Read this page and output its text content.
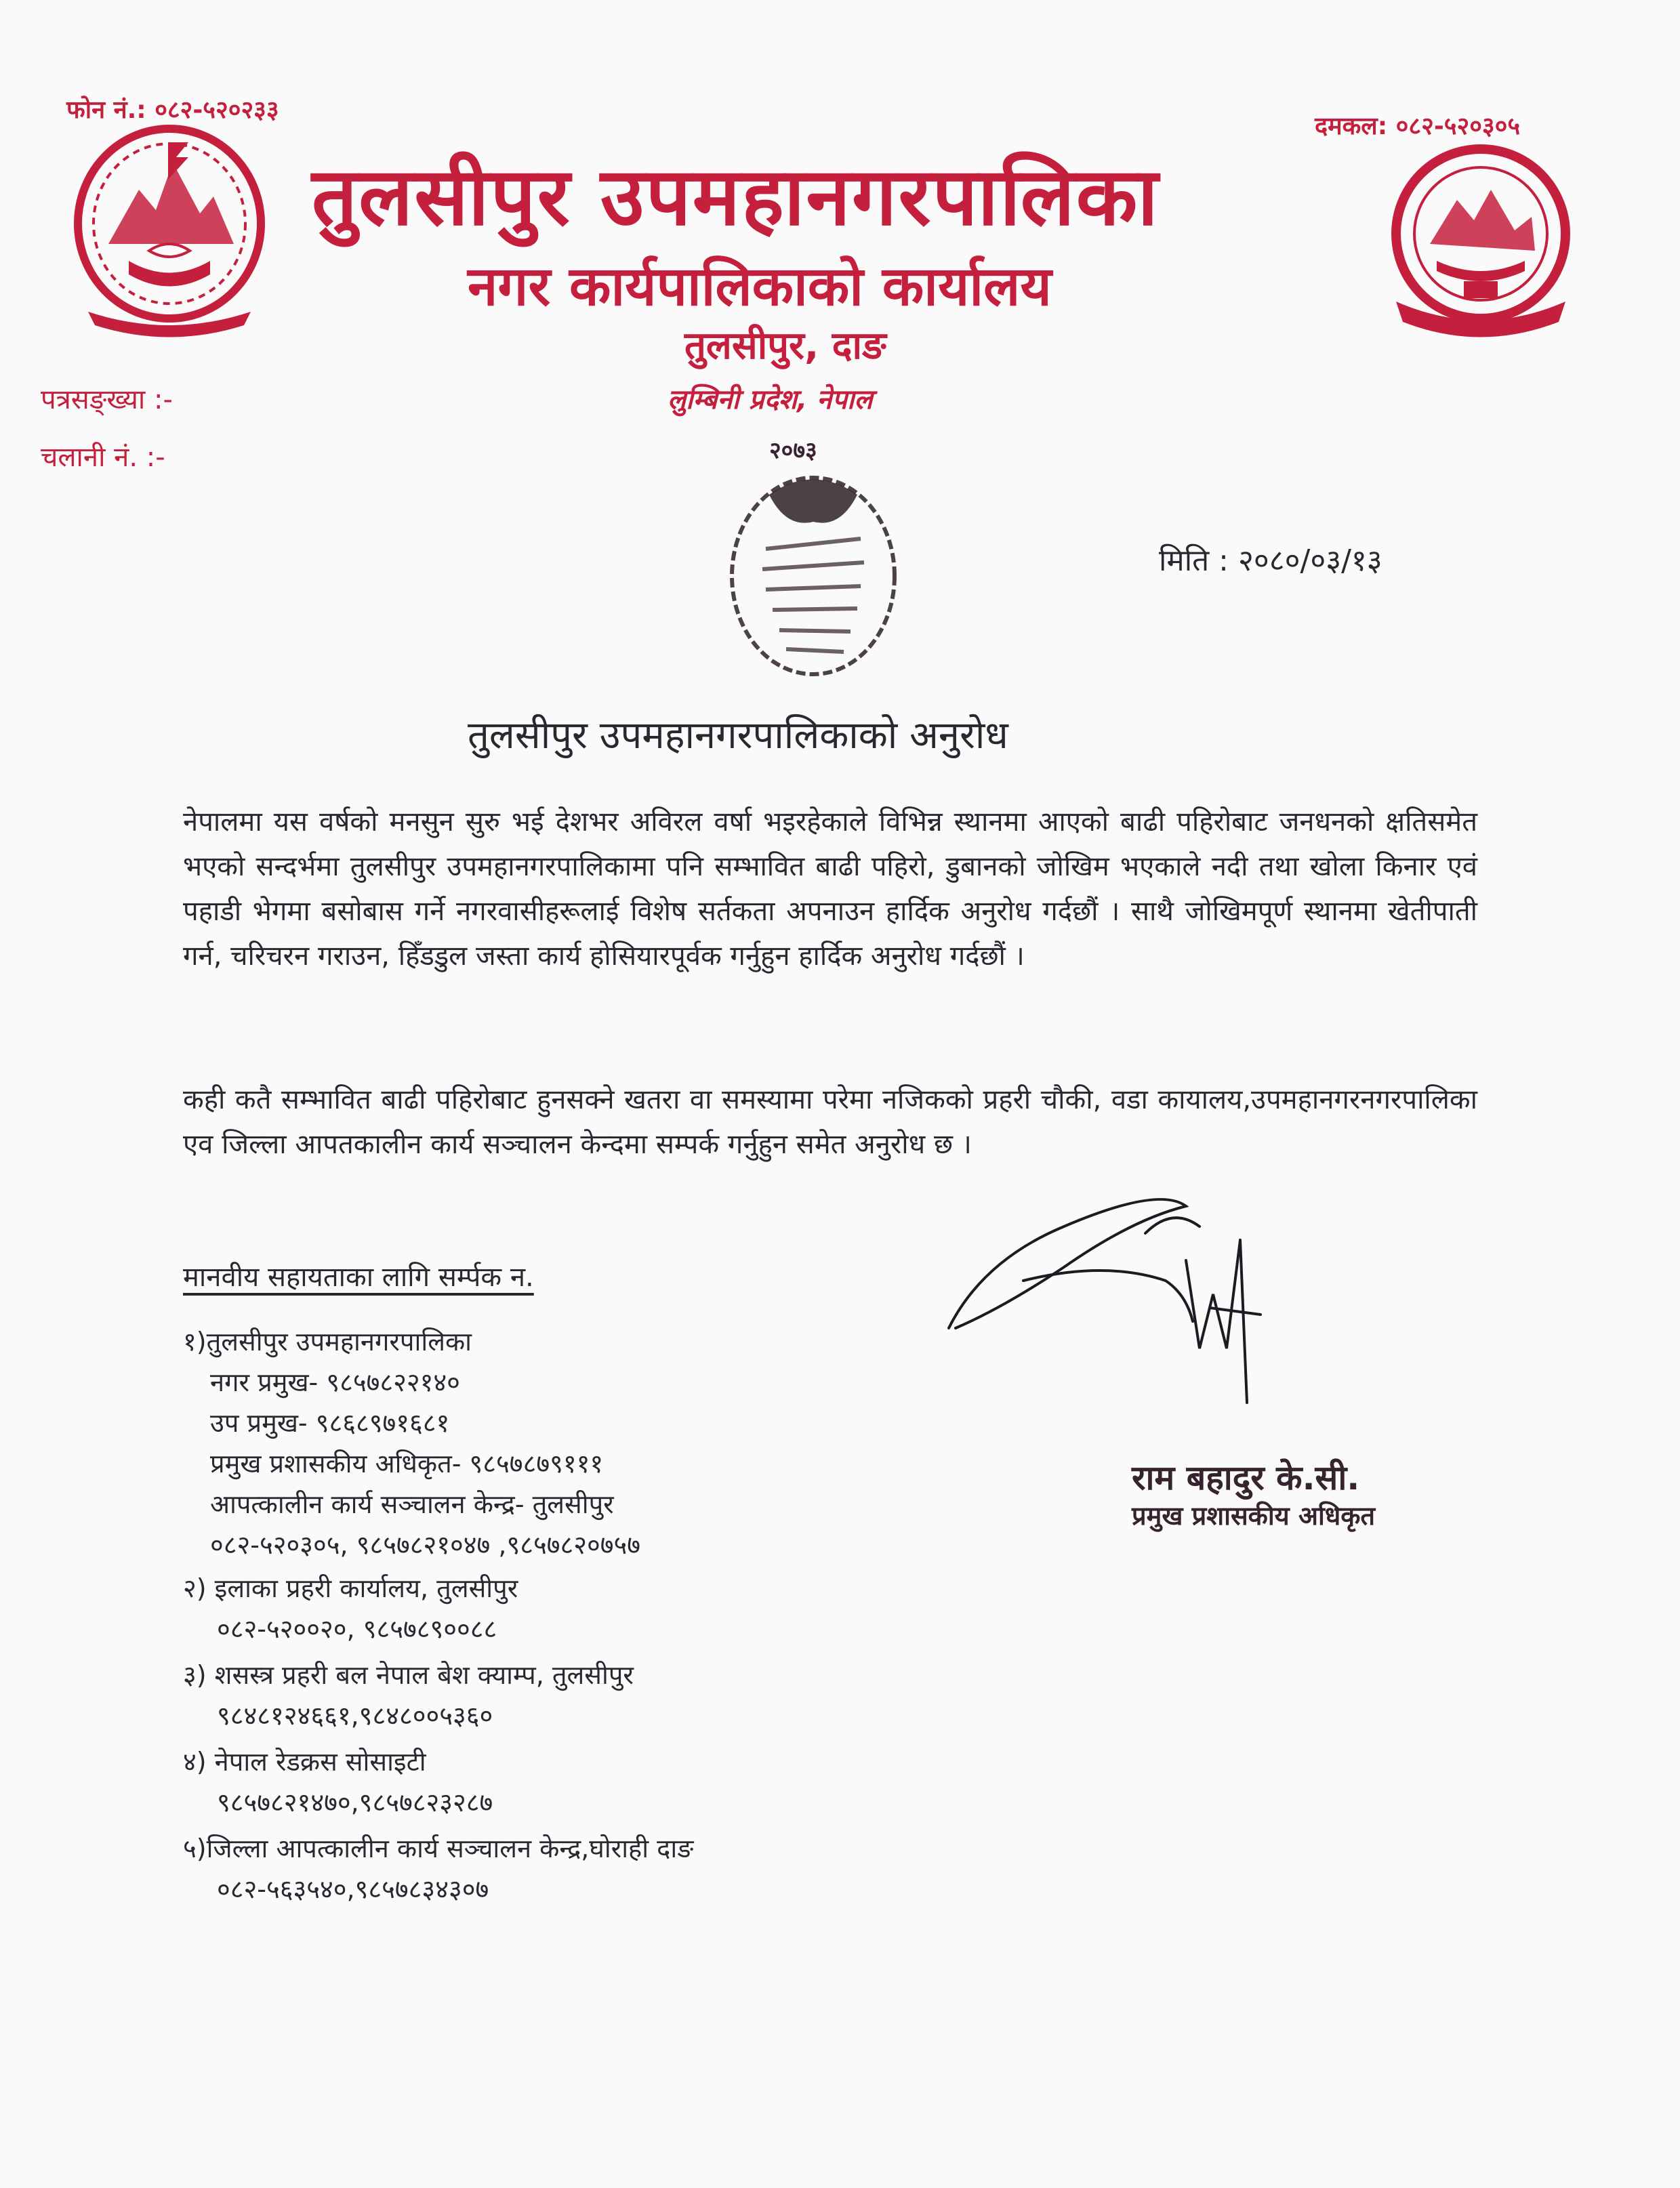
फोन नं.: ०८२-५२०२३३
दमकल: ०८२-५२०३०५
तुलसीपुर उपमहानगरपालिका
नगर कार्यपालिकाको कार्यालय
तुलसीपुर, दाङ
लुम्बिनी प्रदेश, नेपाल
पत्रसङ्ख्या :-
चलानी नं. :-	२०७३
मिति : २०८०/०३/१३
तुलसीपुर उपमहानगरपालिकाको अनुरोध
नेपालमा यस वर्षको मनसुन सुरु भई देशभर अविरल वर्षा भइरहेकाले विभिन्न स्थानमा आएको बाढी पहिरोबाट जनधनको क्षतिसमेत भएको सन्दर्भमा तुलसीपुर उपमहानगरपालिकामा पनि सम्भावित बाढी पहिरो, डुबानको जोखिम भएकाले नदी तथा खोला किनार एवं पहाडी भेगमा बसोबास गर्ने नगरवासीहरूलाई विशेष सर्तकता अपनाउन हार्दिक अनुरोध गर्दछौं । साथै जोखिमपूर्ण स्थानमा खेतीपाती गर्न, चरिचरन गराउन, हिँडडुल जस्ता कार्य होसियारपूर्वक गर्नुहुन हार्दिक अनुरोध गर्दछौं ।
कही कतै सम्भावित बाढी पहिरोबाट हुनसक्ने खतरा वा समस्यामा परेमा नजिकको प्रहरी चौकी, वडा कायालय,उपमहानगरनगरपालिका एव जिल्ला आपतकालीन कार्य सञ्चालन केन्दमा सम्पर्क गर्नुहुन समेत अनुरोध छ ।
मानवीय सहायताका लागि सर्म्पक न.
१)तुलसीपुर उपमहानगरपालिका
नगर प्रमुख- ९८५७८२२१४०
उप प्रमुख- ९८६८९७१६८१
प्रमुख प्रशासकीय अधिकृत- ९८५७८७९१११
आपत्कालीन कार्य सञ्चालन केन्द्र- तुलसीपुर
०८२-५२०३०५, ९८५७८२१०४७ ,९८५७८२०७५७
२) इलाका प्रहरी कार्यालय, तुलसीपुर
०८२-५२००२०, ९८५७८९००८८
३) शसस्त्र प्रहरी बल नेपाल बेश क्याम्प, तुलसीपुर
९८४८१२४६६१,९८४८००५३६०
४) नेपाल रेडक्रस सोसाइटी
९८५७८२१४७०,९८५७८२३२८७
५)जिल्ला आपत्कालीन कार्य सञ्चालन केन्द्र,घोराही दाङ
०८२-५६३५४०,९८५७८३४३०७
राम बहादुर के.सी.
प्रमुख प्रशासकीय अधिकृत
